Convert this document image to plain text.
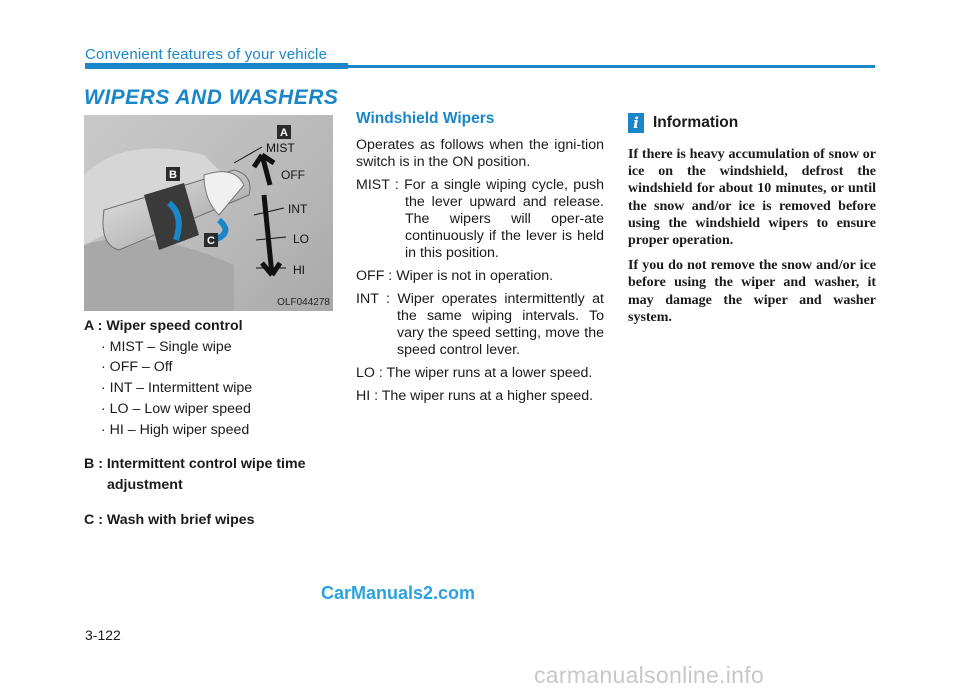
Convenient features of your vehicle
WIPERS AND WASHERS
A
B
C
MIST
OFF
INT
LO
HI
OLF044278
A : Wiper speed control
· MIST – Single wipe
· OFF – Off
· INT – Intermittent wipe
· LO – Low wiper speed
· HI – High wiper speed
B : Intermittent control wipe time
adjustment
C : Wash with brief wipes
Windshield Wipers

Operates as follows when the igni-tion switch is in the ON position.

MIST : For a single wiping cycle, push the lever upward and release. The wipers will oper-ate continuously if the lever is held in this position.

OFF : Wiper is not in operation.

INT : Wiper operates intermittently at the same wiping intervals. To vary the speed setting, move the speed control lever.

LO : The wiper runs at a lower speed.

HI : The wiper runs at a higher speed.

i Information

If there is heavy accumulation of snow or ice on the windshield, defrost the windshield for about 10 minutes, or until the snow and/or ice is removed before using the windshield wipers to ensure proper operation.

If you do not remove the snow and/or ice before using the wiper and washer, it may damage the wiper and washer system.

CarManuals2.com
3-122
carmanualsonline.info
